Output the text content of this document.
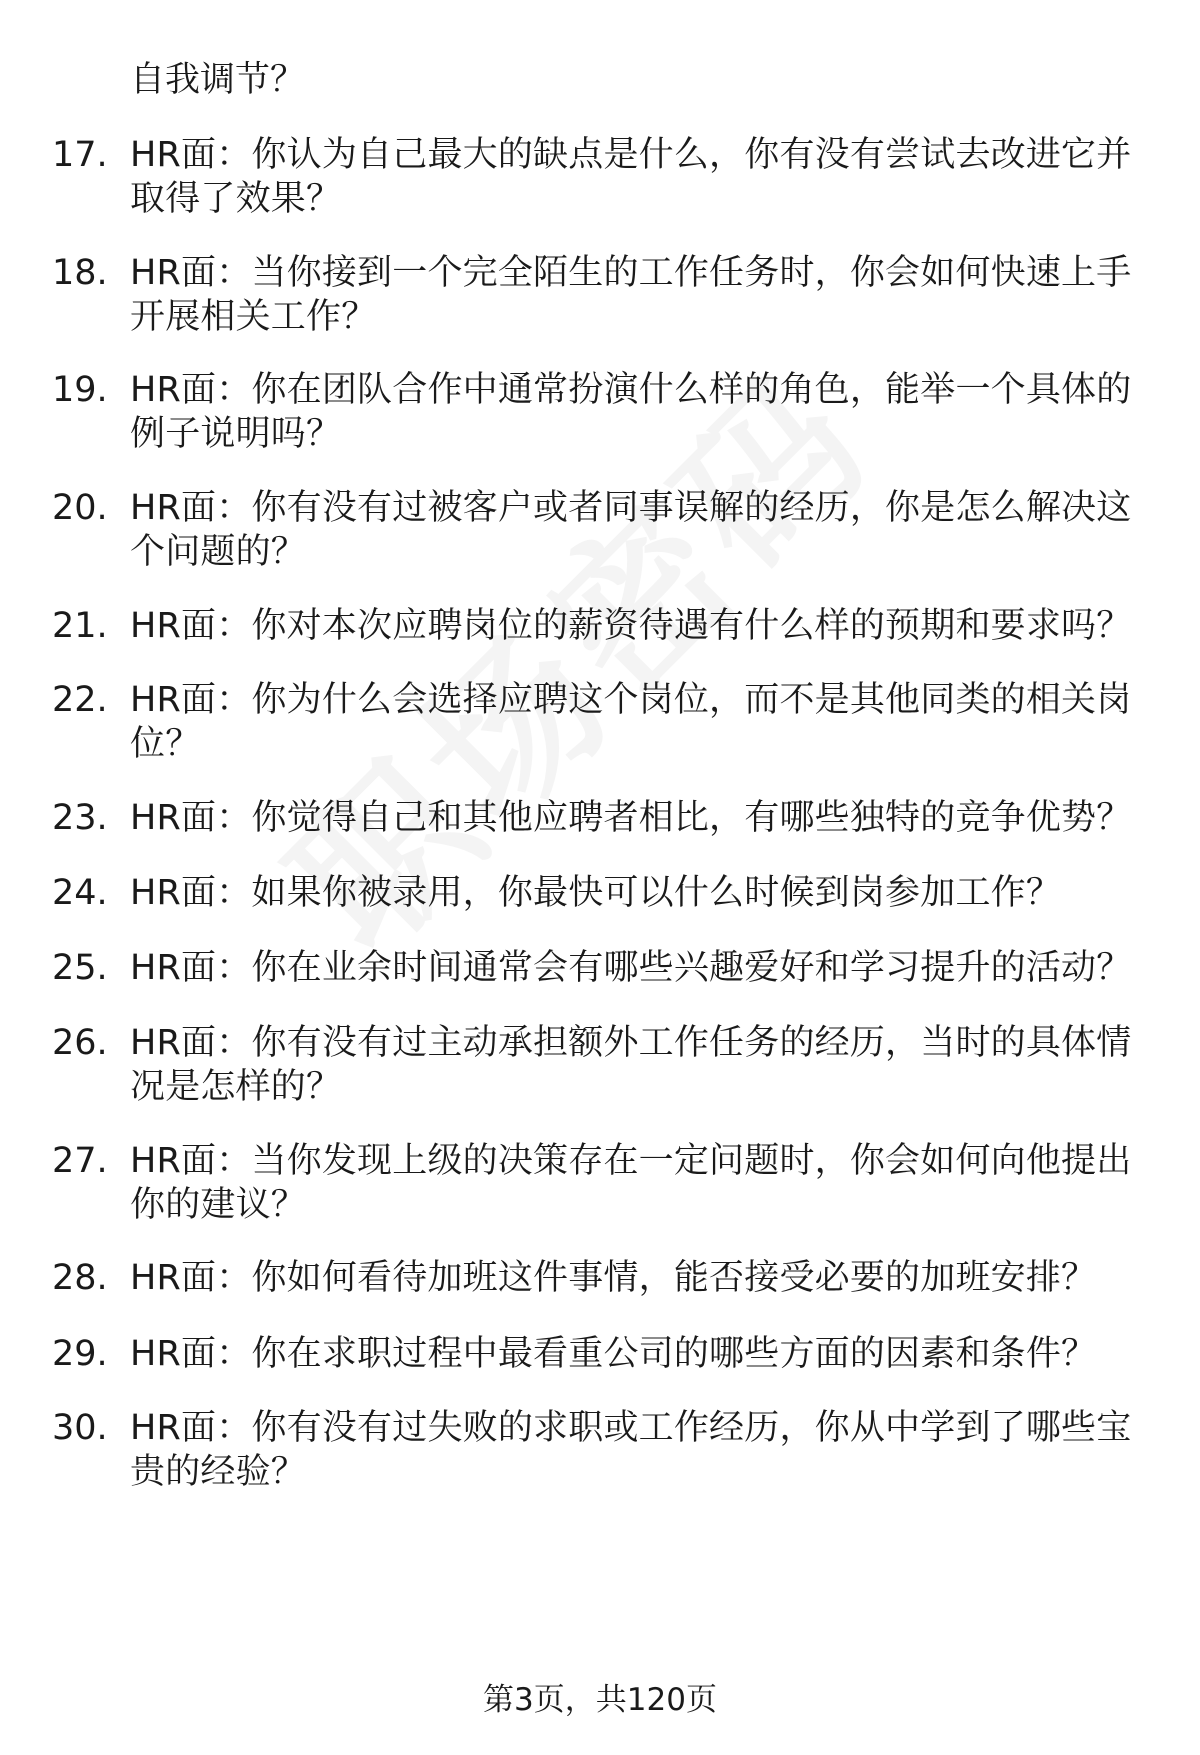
自我调节？
17. HR面：你认为自己最大的缺点是什么，你有没有尝试去改进它并取得了效果？
18. HR面：当你接到一个完全陌生的工作任务时，你会如何快速上手开展相关工作？
19. HR面：你在团队合作中通常扮演什么样的角色，能举一个具体的例子说明吗？
20. HR面：你有没有过被客户或者同事误解的经历，你是怎么解决这个问题的？
21. HR面：你对本次应聘岗位的薪资待遇有什么样的预期和要求吗？
22. HR面：你为什么会选择应聘这个岗位，而不是其他同类的相关岗位？
23. HR面：你觉得自己和其他应聘者相比，有哪些独特的竞争优势？
24. HR面：如果你被录用，你最快可以什么时候到岗参加工作？
25. HR面：你在业余时间通常会有哪些兴趣爱好和学习提升的活动？
26. HR面：你有没有过主动承担额外工作任务的经历，当时的具体情况是怎样的？
27. HR面：当你发现上级的决策存在一定问题时，你会如何向他提出你的建议？
28. HR面：你如何看待加班这件事情，能否接受必要的加班安排？
29. HR面：你在求职过程中最看重公司的哪些方面的因素和条件？
30. HR面：你有没有过失败的求职或工作经历，你从中学到了哪些宝贵的经验？
第3页，共120页
